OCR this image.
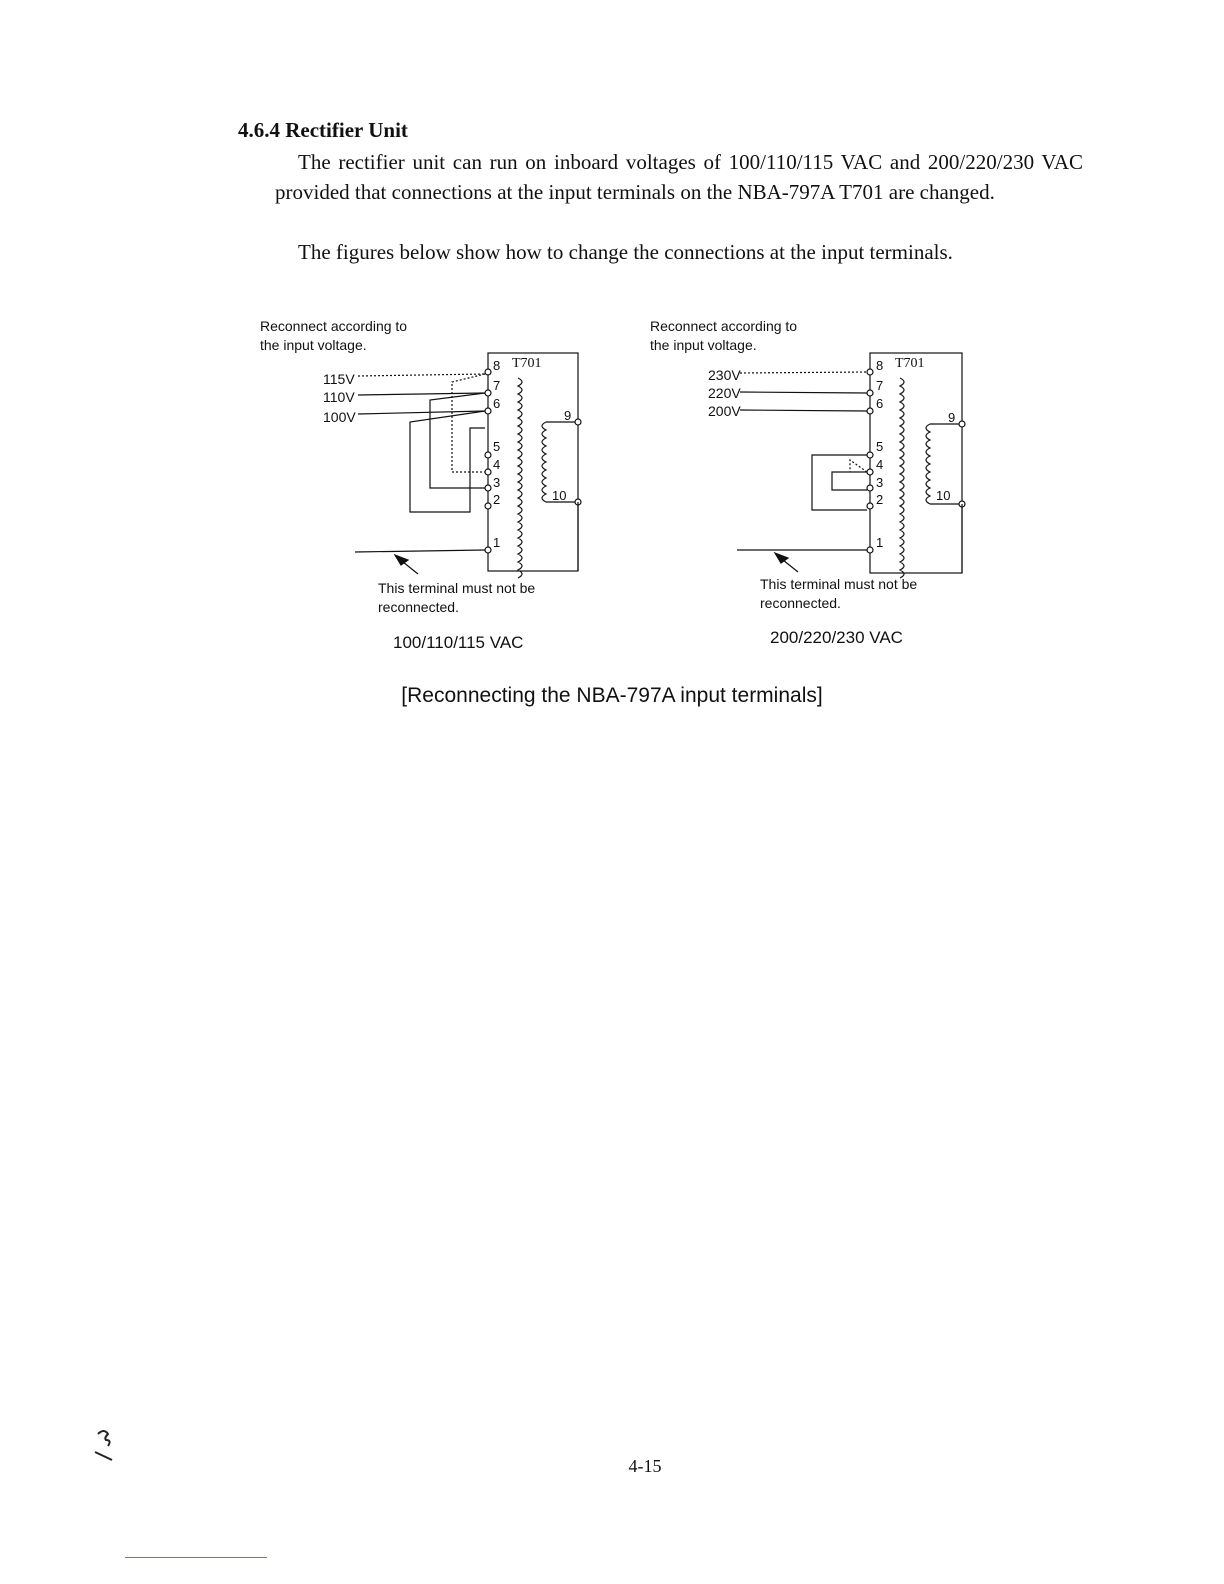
4.6.4 Rectifier Unit
The rectifier unit can run on inboard voltages of 100/110/115 VAC and 200/220/230 VAC provided that connections at the input terminals on the NBA-797A T701 are changed.
The figures below show how to change the connections at the input terminals.
Reconnect according to
the input voltage.
T701
8
7
6
5
4
3
2
1
9
10
115V
110V
100V
This terminal must not be
reconnected.
100/110/115 VAC
Reconnect according to
the input voltage.
T701
8
7
6
5
4
3
2
1
9
10
230V
220V
200V
This terminal must not be
reconnected.
200/220/230 VAC
[Reconnecting the NBA-797A input terminals]
4-15
